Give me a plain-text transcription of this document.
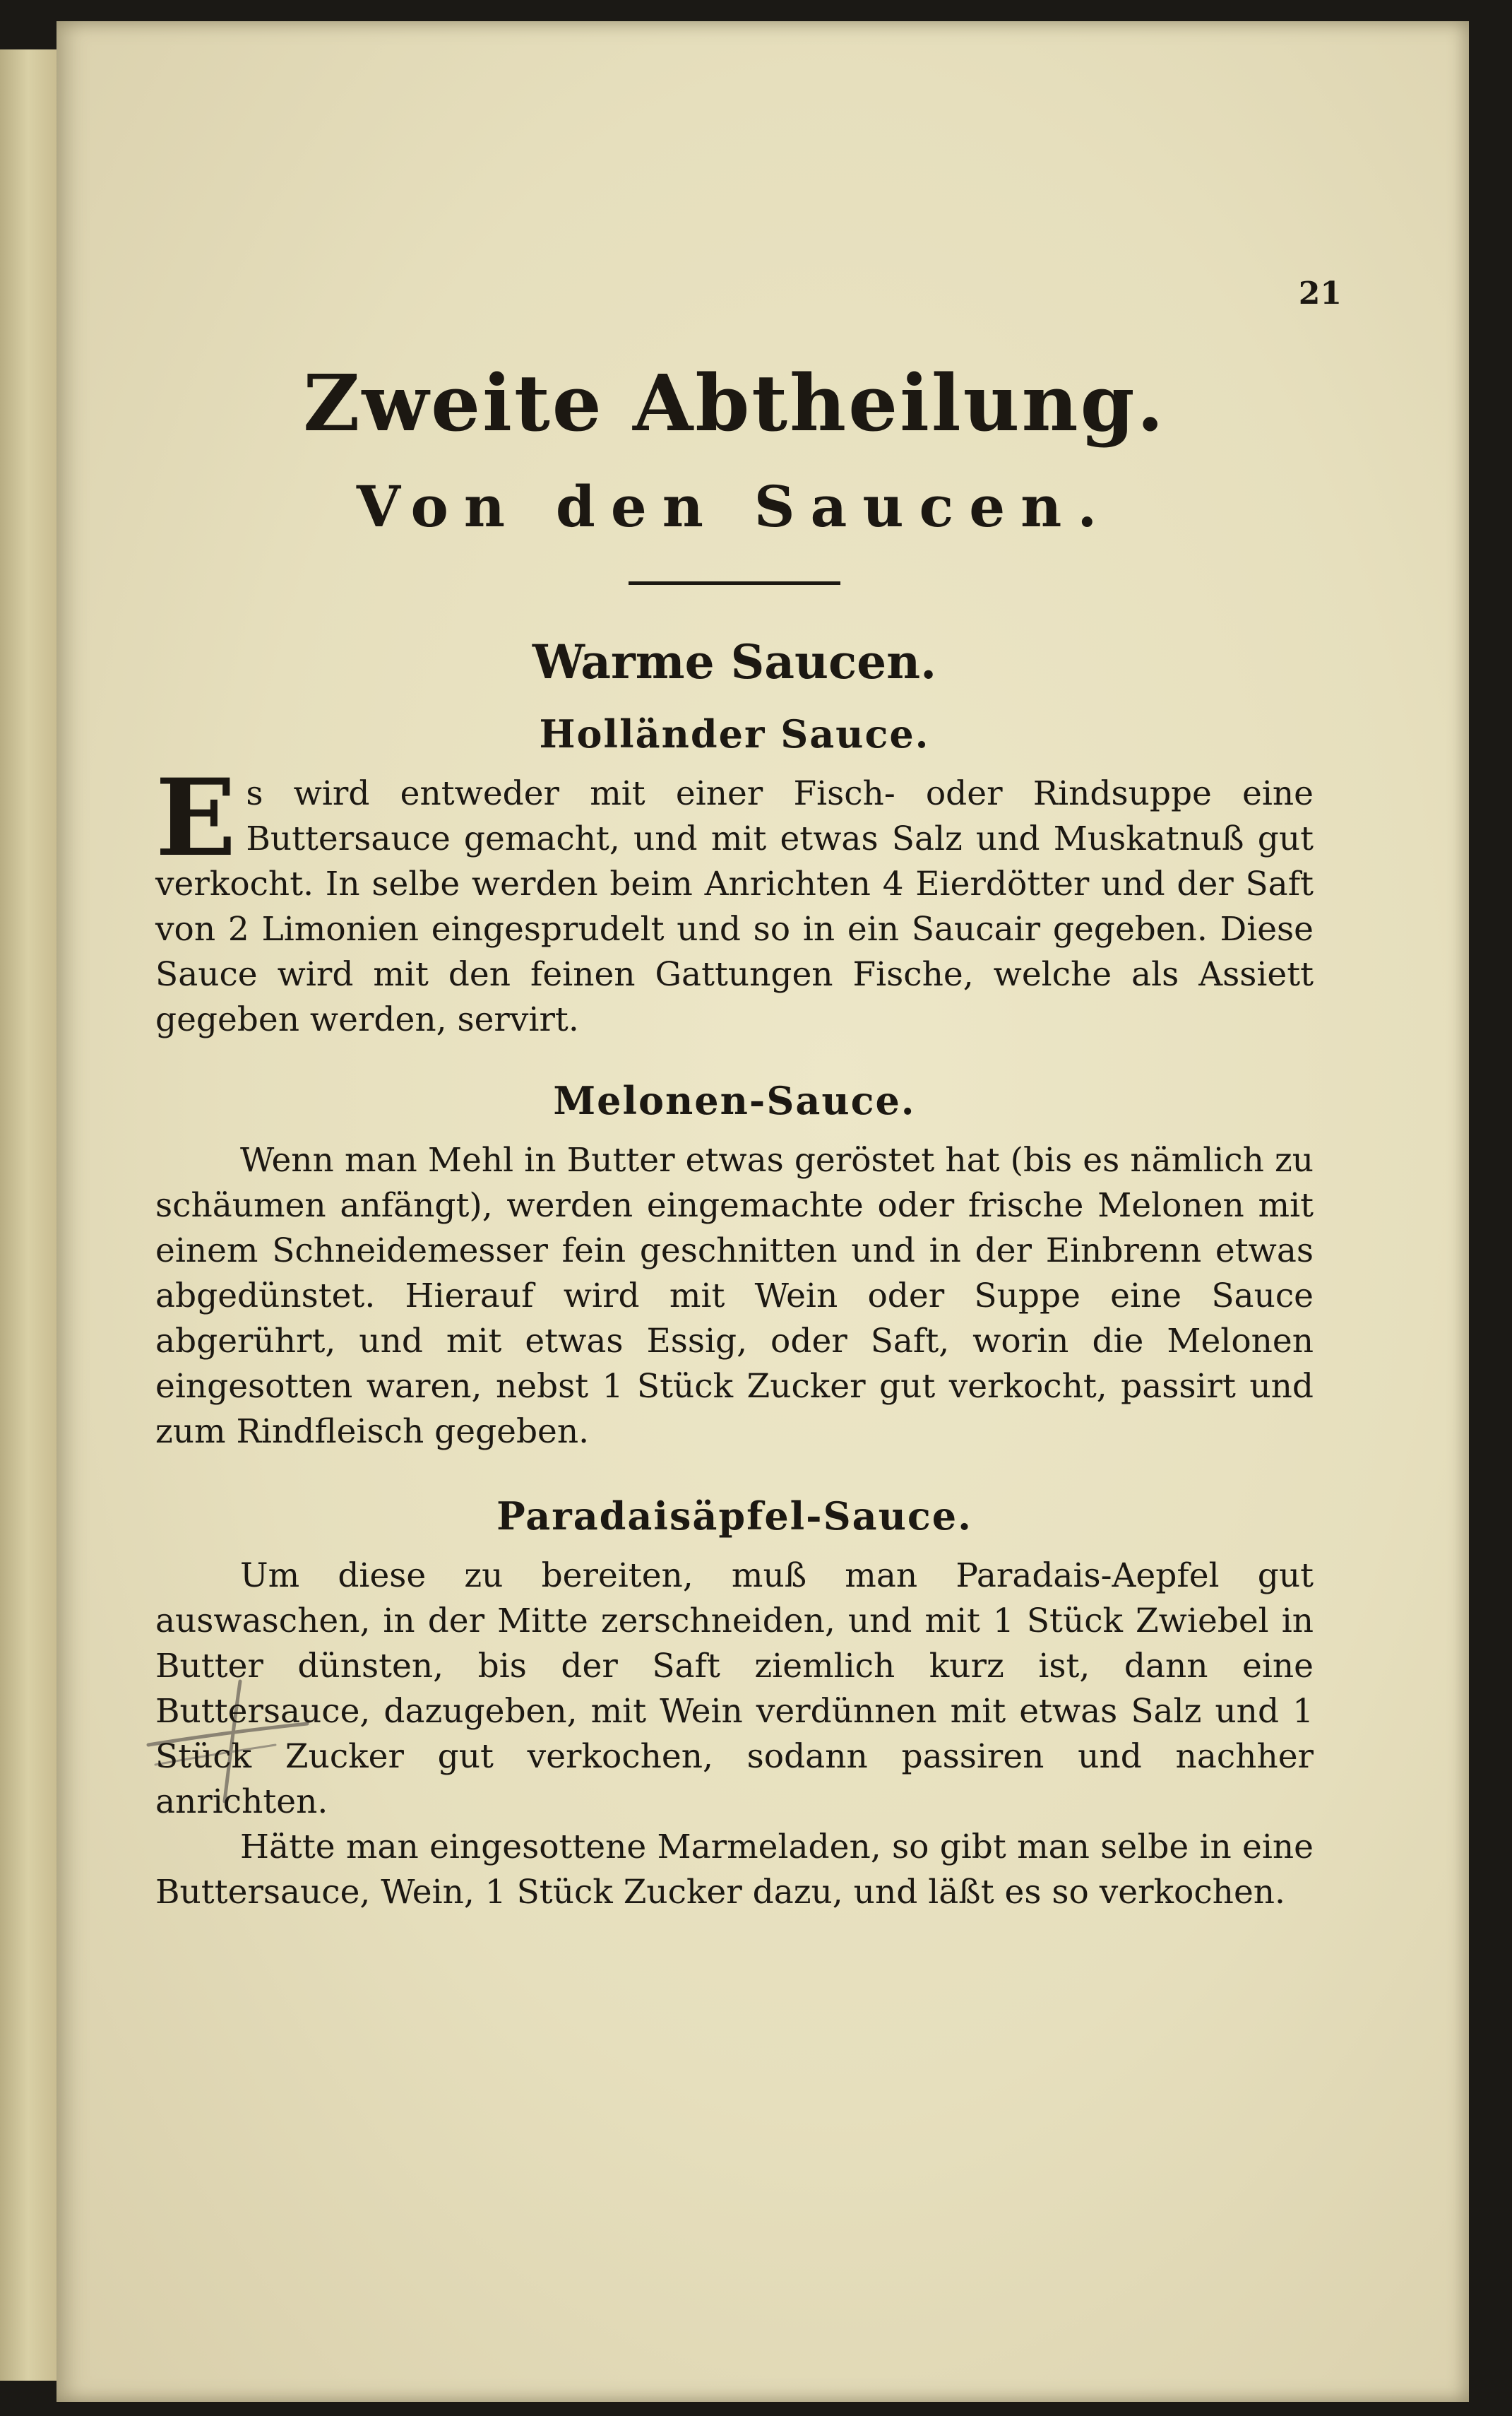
21
Zweite Abtheilung.
Von den Saucen.
Warme Saucen.
Holländer Sauce.

Es wird entweder mit einer Fisch- oder Rindsuppe eine Buttersauce gemacht, und mit etwas Salz und Muskatnuß gut verkocht. In selbe werden beim Anrichten 4 Eierdötter und der Saft von 2 Limonien eingesprudelt und so in ein Saucair gegeben. Diese Sauce wird mit den feinen Gattungen Fische, welche als Assiett gegeben werden, servirt.

Melonen-Sauce.

Wenn man Mehl in Butter etwas geröstet hat (bis es nämlich zu schäumen anfängt), werden eingemachte oder frische Melonen mit einem Schneidemesser fein geschnitten und in der Einbrenn etwas abgedünstet. Hierauf wird mit Wein oder Suppe eine Sauce abgerührt, und mit etwas Essig, oder Saft, worin die Melonen eingesotten waren, nebst 1 Stück Zucker gut verkocht, passirt und zum Rindfleisch gegeben.

Paradaisäpfel-Sauce.

Um diese zu bereiten, muß man Paradais-Aepfel gut auswaschen, in der Mitte zerschneiden, und mit 1 Stück Zwiebel in Butter dünsten, bis der Saft ziemlich kurz ist, dann eine Buttersauce, dazugeben, mit Wein verdünnen mit etwas Salz und 1 Stück Zucker gut verkochen, sodann passiren und nachher anrichten.

Hätte man eingesottene Marmeladen, so gibt man selbe in eine Buttersauce, Wein, 1 Stück Zucker dazu, und läßt es so verkochen.
